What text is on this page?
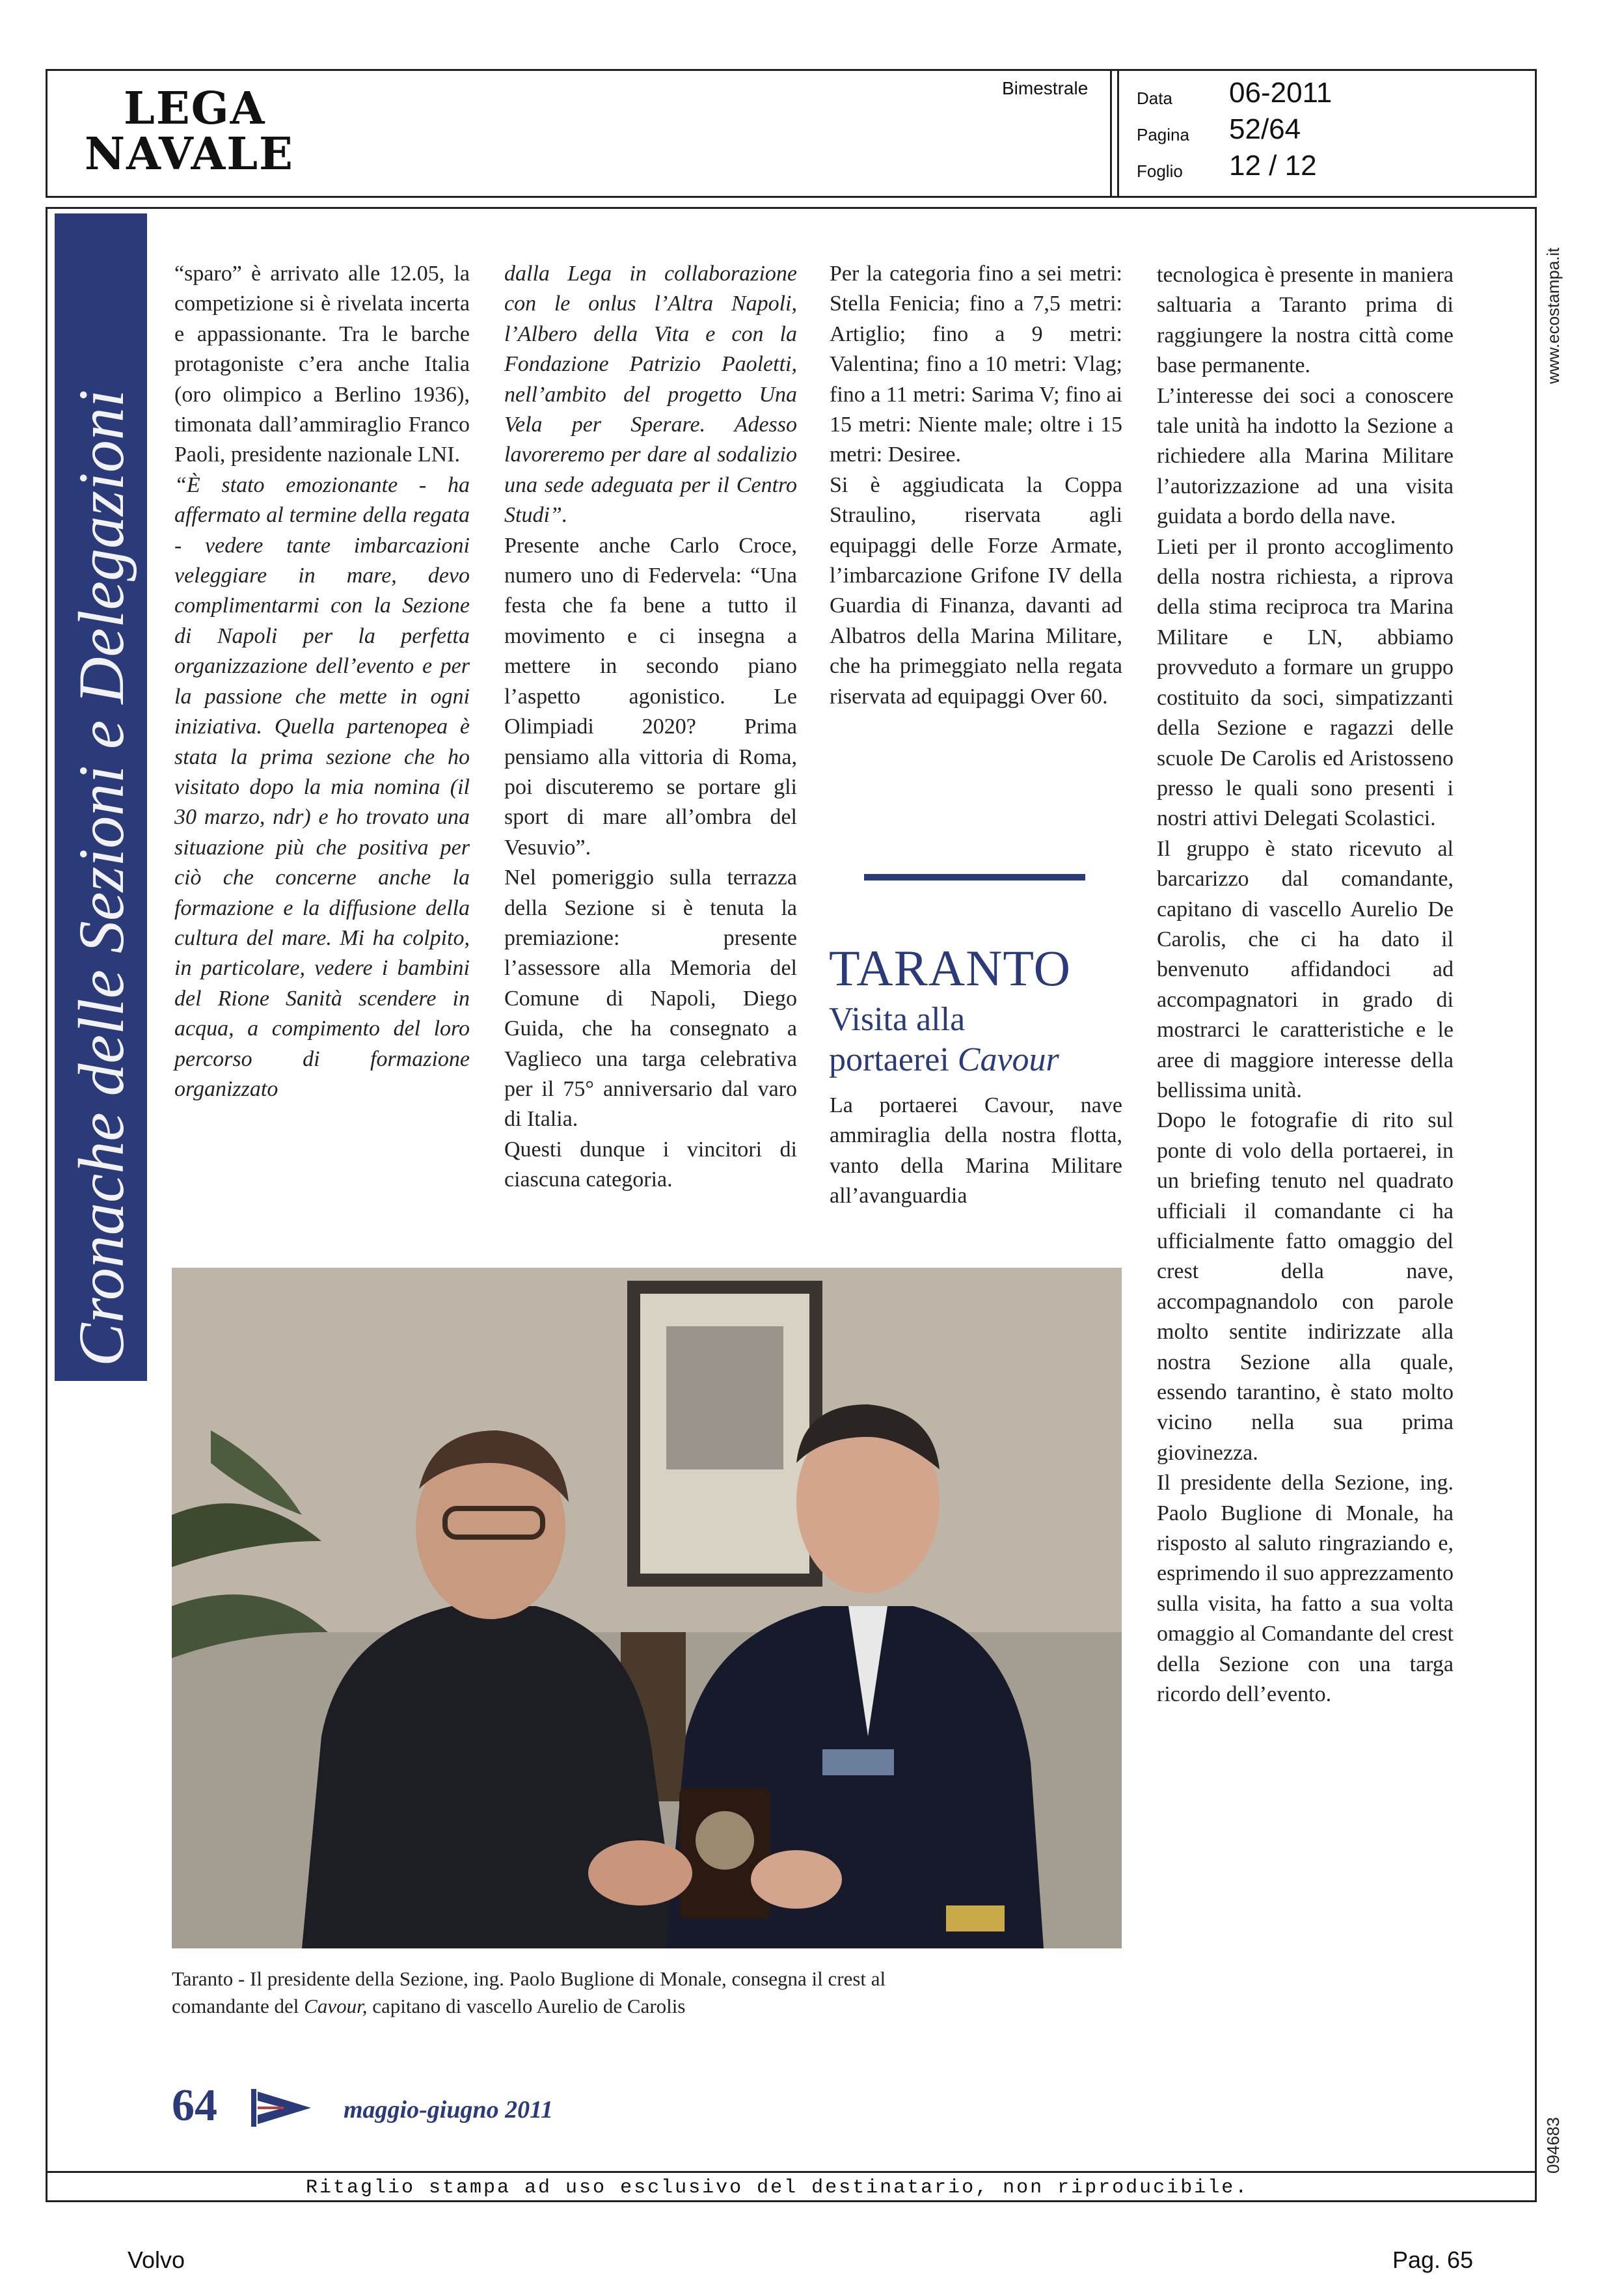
LEGA
NAVALE
Bimestrale	Data 06-2011
Pagina 52/64
Foglio 12 / 12
www.ecostampa.it
094683
Ritaglio stampa ad uso esclusivo del destinatario, non riproducibile.
Cronache delle Sezioni e Delegazioni

“sparo” è arrivato alle 12.05, la competizione si è rivelata incerta e appassionante. Tra le barche protagoniste c’era anche Italia (oro olimpico a Berlino 1936), timonata dall’ammiraglio Franco Paoli, presidente nazionale LNI.

“È stato emozionante - ha affermato al termine della regata - vedere tante imbarcazioni veleggiare in mare, devo complimentarmi con la Sezione di Napoli per la perfetta organizzazione dell’evento e per la passione che mette in ogni iniziativa. Quella partenopea è stata la prima sezione che ho visitato dopo la mia nomina (il 30 marzo, ndr) e ho trovato una situazione più che positiva per ciò che concerne anche la formazione e la diffusione della cultura del mare. Mi ha colpito, in particolare, vedere i bambini del Rione Sanità scendere in acqua, a compimento del loro percorso di formazione organizzato

dalla Lega in collaborazione con le onlus l’Altra Napoli, l’Albero della Vita e con la Fondazione Patrizio Paoletti, nell’ambito del progetto Una Vela per Sperare. Adesso lavoreremo per dare al sodalizio una sede adeguata per il Centro Studi”.

Presente anche Carlo Croce, numero uno di Federvela: “Una festa che fa bene a tutto il movimento e ci insegna a mettere in secondo piano l’aspetto agonistico. Le Olimpiadi 2020? Prima pensiamo alla vittoria di Roma, poi discuteremo se portare gli sport di mare all’ombra del Vesuvio”.

Nel pomeriggio sulla terrazza della Sezione si è tenuta la premiazione: presente l’assessore alla Memoria del Comune di Napoli, Diego Guida, che ha consegnato a Vaglieco una targa celebrativa per il 75° anniversario dal varo di Italia.

Questi dunque i vincitori di ciascuna categoria.

Per la categoria fino a sei metri: Stella Fenicia; fino a 7,5 metri: Artiglio; fino a 9 metri: Valentina; fino a 10 metri: Vlag; fino a 11 metri: Sarima V; fino ai 15 metri: Niente male; oltre i 15 metri: Desiree.

Si è aggiudicata la Coppa Straulino, riservata agli equipaggi delle Forze Armate, l’imbarcazione Grifone IV della Guardia di Finanza, davanti ad Albatros della Marina Militare, che ha primeggiato nella regata riservata ad equipaggi Over 60.

TARANTO
Visita alla
portaerei Cavour

La portaerei Cavour, nave ammiraglia della nostra flotta, vanto della Marina Militare all’avanguardia

tecnologica è presente in maniera saltuaria a Taranto prima di raggiungere la nostra città come base permanente.

L’interesse dei soci a conoscere tale unità ha indotto la Sezione a richiedere alla Marina Militare l’autorizzazione ad una visita guidata a bordo della nave.

Lieti per il pronto accoglimento della nostra richiesta, a riprova della stima reciproca tra Marina Militare e LN, abbiamo provveduto a formare un gruppo costituito da soci, simpatizzanti della Sezione e ragazzi delle scuole De Carolis ed Aristosseno presso le quali sono presenti i nostri attivi Delegati Scolastici.

Il gruppo è stato ricevuto al barcarizzo dal comandante, capitano di vascello Aurelio De Carolis, che ci ha dato il benvenuto affidandoci ad accompagnatori in grado di mostrarci le caratteristiche e le aree di maggiore interesse della bellissima unità.

Dopo le fotografie di rito sul ponte di volo della portaerei, in un briefing tenuto nel quadrato ufficiali il comandante ci ha ufficialmente fatto omaggio del crest della nave, accompagnandolo con parole molto sentite indirizzate alla nostra Sezione alla quale, essendo tarantino, è stato molto vicino nella sua prima giovinezza.

Il presidente della Sezione, ing. Paolo Buglione di Monale, ha risposto al saluto ringraziando e, esprimendo il suo apprezzamento sulla visita, ha fatto a sua volta omaggio al Comandante del crest della Sezione con una targa ricordo dell’evento.

Taranto - Il presidente della Sezione, ing. Paolo Buglione di Monale, consegna il crest al
comandante del Cavour, capitano di vascello Aurelio de Carolis
64	maggio-giugno 2011
Volvo	Pag. 65
